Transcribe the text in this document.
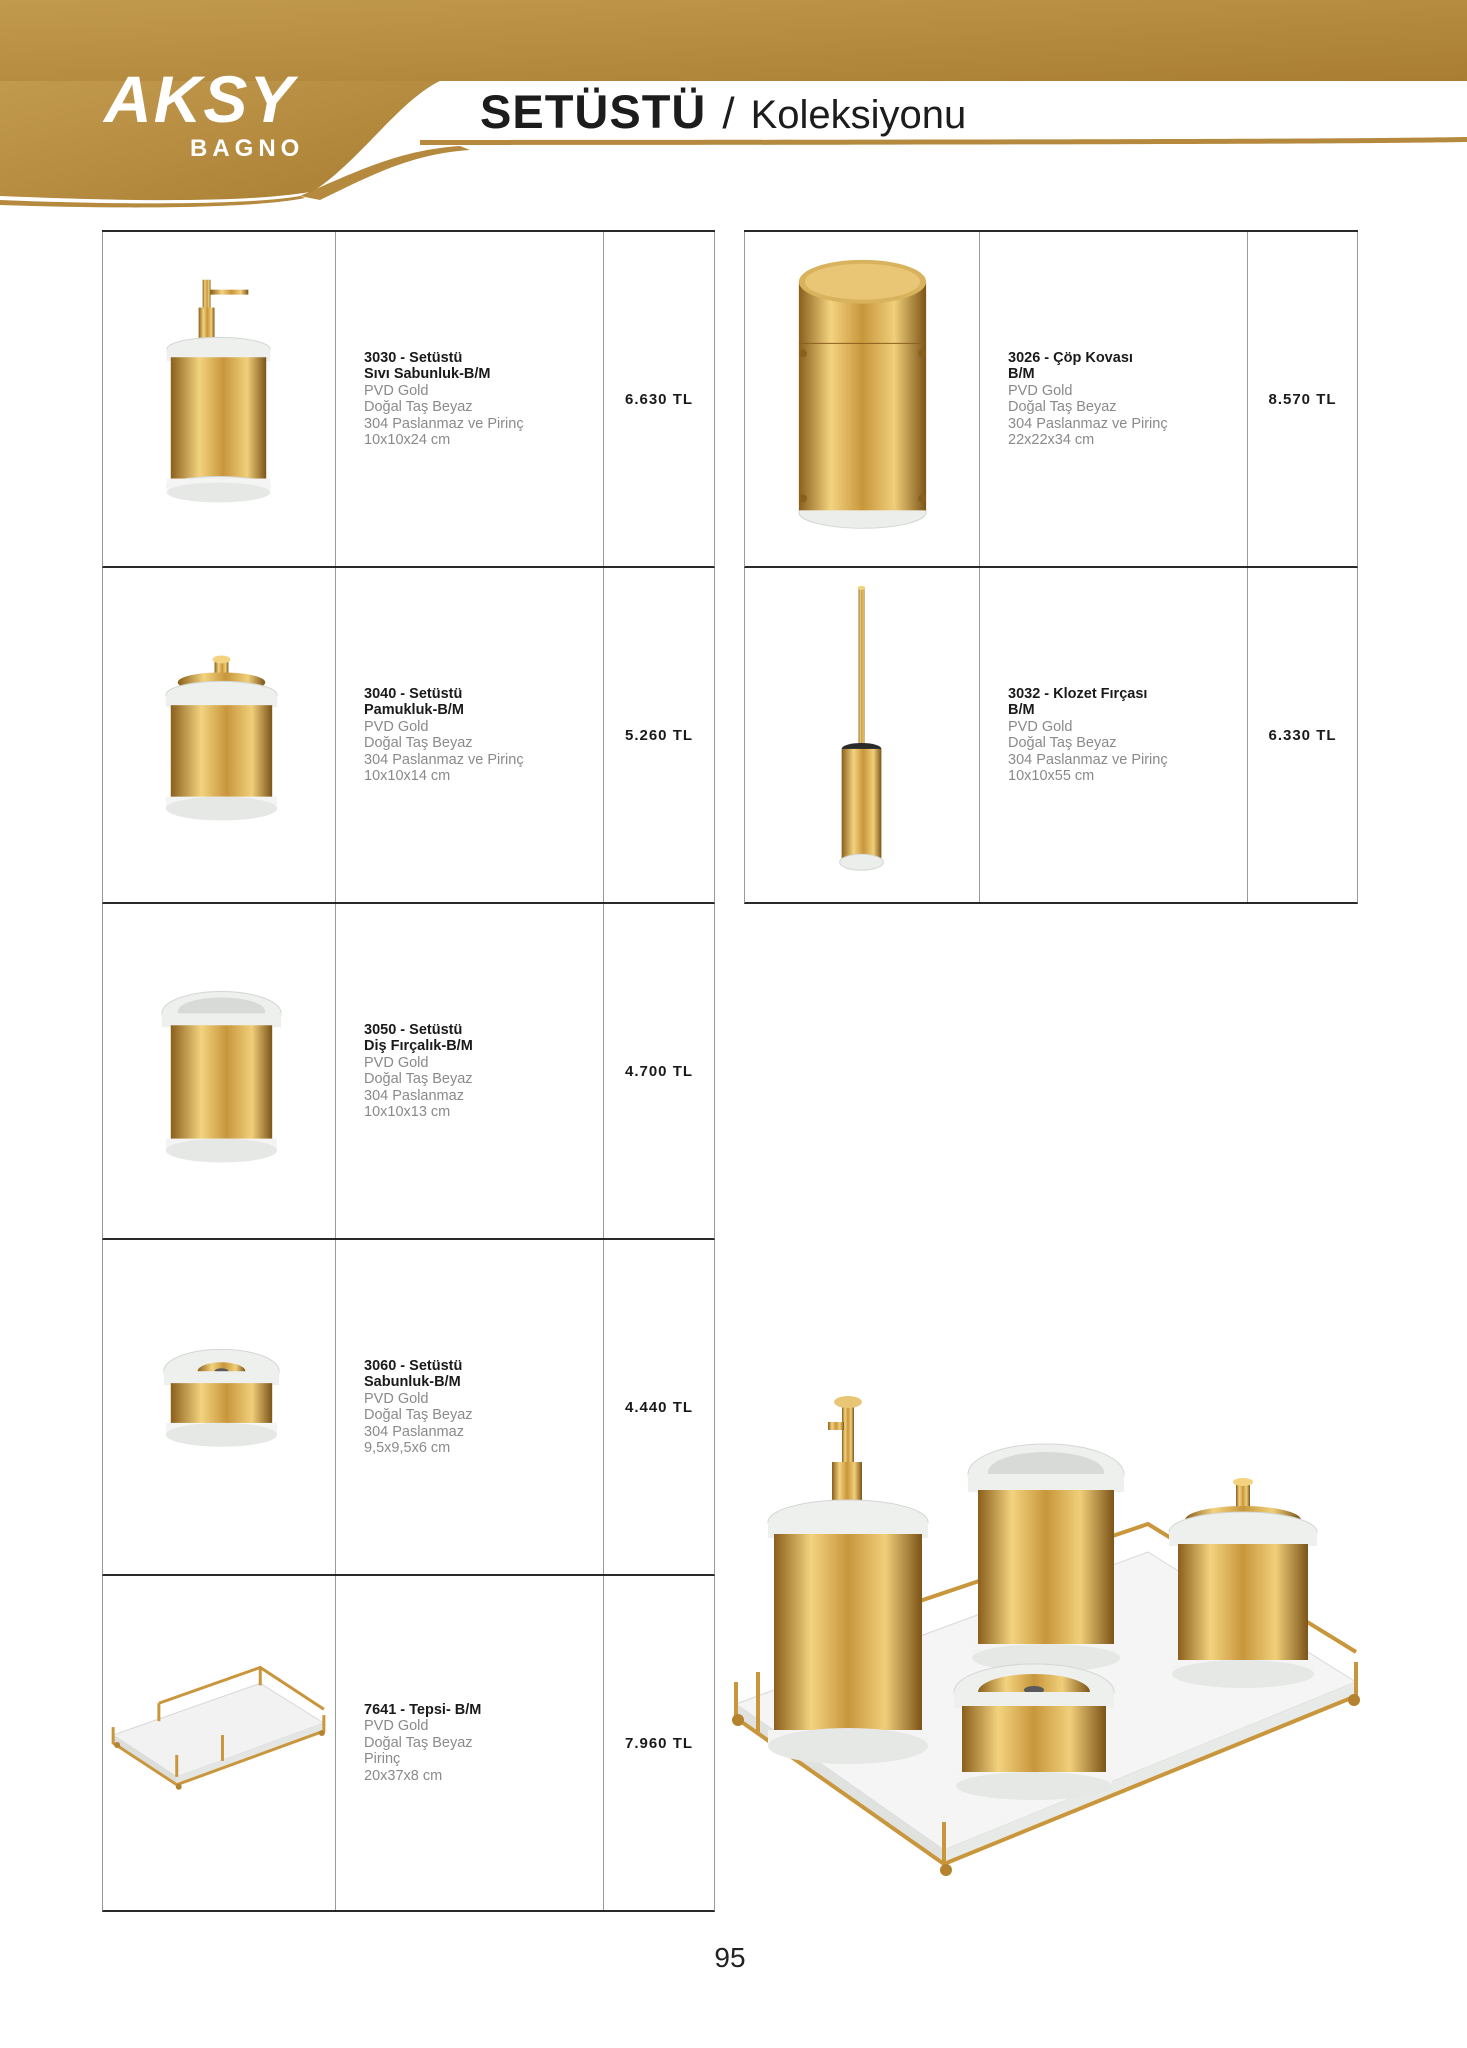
AKSY
BAGNO
SETÜSTÜ / Koleksiyonu
3030 - Setüstü
Sıvı Sabunluk-B/M
PVD Gold
Doğal Taş Beyaz
304 Paslanmaz ve Pirinç
10x10x24 cm
6.630 TL
3040 - Setüstü
Pamukluk-B/M
PVD Gold
Doğal Taş Beyaz
304 Paslanmaz ve Pirinç
10x10x14 cm
5.260 TL
3050 - Setüstü
Diş Fırçalık-B/M
PVD Gold
Doğal Taş Beyaz
304 Paslanmaz
10x10x13 cm
4.700 TL
3060 - Setüstü
Sabunluk-B/M
PVD Gold
Doğal Taş Beyaz
304 Paslanmaz
9,5x9,5x6 cm
4.440 TL
7641 - Tepsi- B/M
PVD Gold
Doğal Taş Beyaz
Pirinç
20x37x8 cm
7.960 TL
3026 - Çöp Kovası
B/M
PVD Gold
Doğal Taş Beyaz
304 Paslanmaz ve Pirinç
22x22x34 cm
8.570 TL
3032 - Klozet Fırçası
B/M
PVD Gold
Doğal Taş Beyaz
304 Paslanmaz ve Pirinç
10x10x55 cm
6.330 TL
95
